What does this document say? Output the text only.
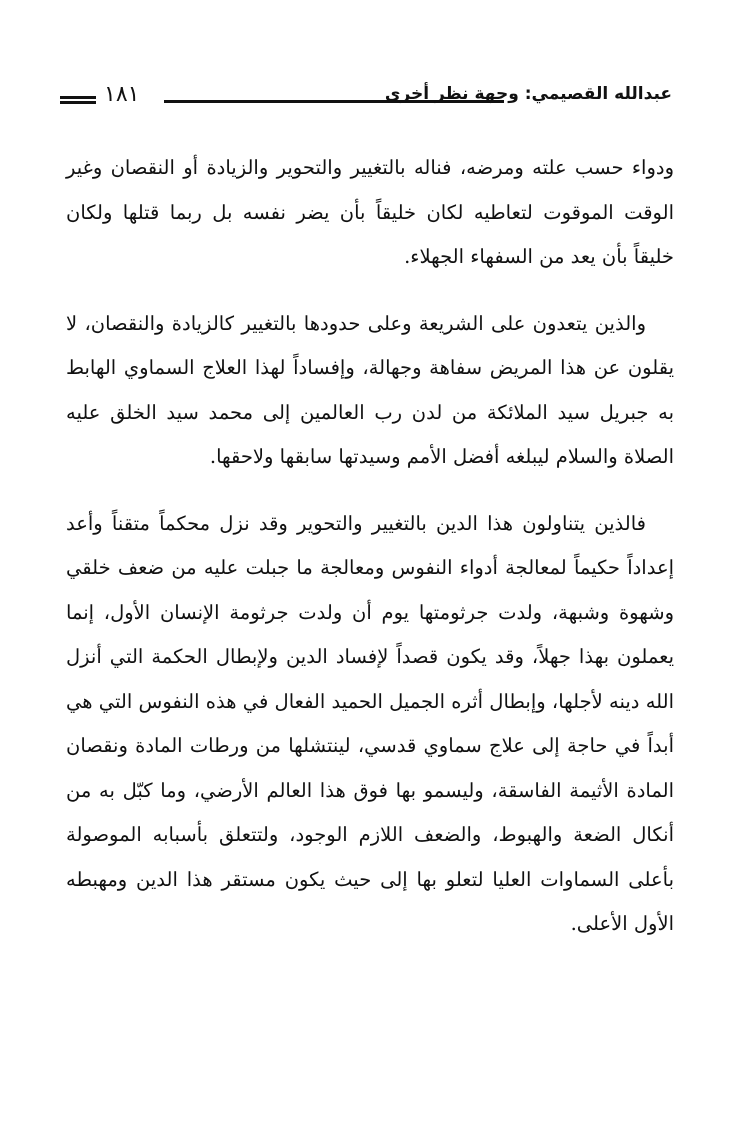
١٨١	عبدالله القصيمي: وجهة نظر أخرى

ودواء حسب علته ومرضه، فناله بالتغيير والتحوير والزيادة أو النقصان وغير الوقت الموقوت لتعاطيه لكان خليقاً بأن يضر نفسه بل ربما قتلها ولكان خليقاً بأن يعد من السفهاء الجهلاء.

والذين يتعدون على الشريعة وعلى حدودها بالتغيير كالزيادة والنقصان، لا يقلون عن هذا المريض سفاهة وجهالة، وإفساداً لهذا العلاج السماوي الهابط به جبريل سيد الملائكة من لدن رب العالمين إلى محمد سيد الخلق عليه الصلاة والسلام ليبلغه أفضل الأمم وسيدتها سابقها ولاحقها.

فالذين يتناولون هذا الدين بالتغيير والتحوير وقد نزل محكماً متقناً وأعد إعداداً حكيماً لمعالجة أدواء النفوس ومعالجة ما جبلت عليه من ضعف خلقي وشهوة وشبهة، ولدت جرثومتها يوم أن ولدت جرثومة الإنسان الأول، إنما يعملون بهذا جهلاً، وقد يكون قصداً لإفساد الدين ولإبطال الحكمة التي أنزل الله دينه لأجلها، وإبطال أثره الجميل الحميد الفعال في هذه النفوس التي هي أبداً في حاجة إلى علاج سماوي قدسي، لينتشلها من ورطات المادة ونقصان المادة الأثيمة الفاسقة، وليسمو بها فوق هذا العالم الأرضي، وما كبّل به من أنكال الضعة والهبوط، والضعف اللازم الوجود، ولتتعلق بأسبابه الموصولة بأعلى السماوات العليا لتعلو بها إلى حيث يكون مستقر هذا الدين ومهبطه الأول الأعلى.
